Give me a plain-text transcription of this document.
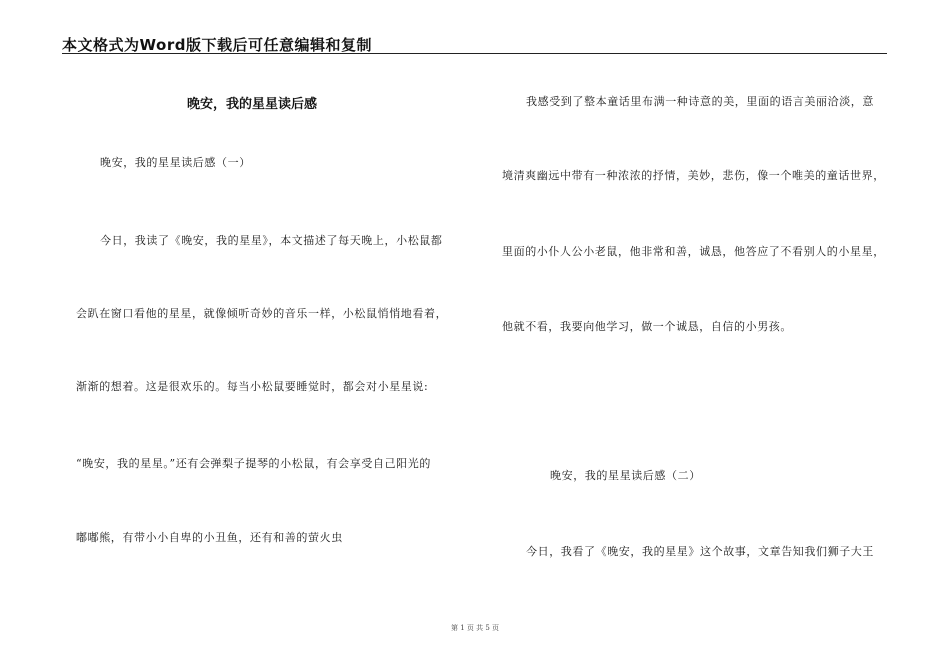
本文格式为Word版下载后可任意编辑和复制
晚安，我的星星读后感
晚安，我的星星读后感（一）
今日，我读了《晚安，我的星星》，本文描述了每天晚上，小松鼠都
会趴在窗口看他的星星，就像倾听奇妙的音乐一样，小松鼠悄悄地看着，
渐渐的想着。这是很欢乐的。每当小松鼠要睡觉时，都会对小星星说:
“晚安，我的星星。”还有会弹梨子提琴的小松鼠，有会享受自己阳光的
嘟嘟熊，有带小小自卑的小丑鱼，还有和善的萤火虫
我感受到了整本童话里布满一种诗意的美，里面的语言美丽洽淡，意
境清爽幽远中带有一种浓浓的抒情，美妙，悲伤，像一个唯美的童话世界，
里面的小仆人公小老鼠，他非常和善，诚恳，他答应了不看别人的小星星，
他就不看，我要向他学习，做一个诚恳，自信的小男孩。
晚安，我的星星读后感（二）
今日，我看了《晚安，我的星星》这个故事，文章告知我们狮子大王
第 1 页 共 5 页
